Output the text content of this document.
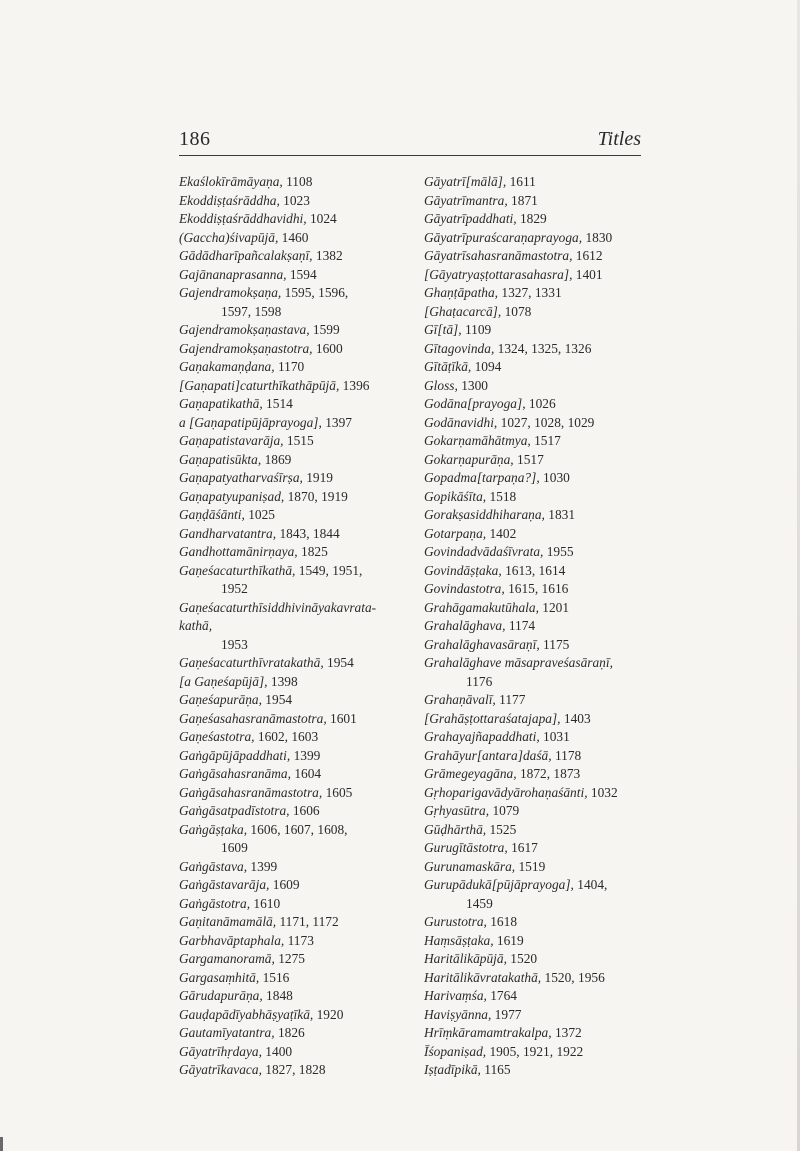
186	Titles
Ekaślokīrāmāyaṇa, 1108
Ekoddiṣṭaśrāddha, 1023
Ekoddiṣṭaśrāddhavidhi, 1024
(Gaccha)śivapūjā, 1460
Gādādharīpañcalakṣaṇī, 1382
Gajānanaprasanna, 1594
Gajendramokṣaṇa, 1595, 1596,
1597, 1598
Gajendramokṣaṇastava, 1599
Gajendramokṣaṇastotra, 1600
Gaṇakamaṇḍana, 1170
[Gaṇapati]caturthīkathāpūjā, 1396
Gaṇapatikathā, 1514
a [Gaṇapatipūjāprayoga], 1397
Gaṇapatistavarāja, 1515
Gaṇapatisūkta, 1869
Gaṇapatyatharvaśīrṣa, 1919
Gaṇapatyupaniṣad, 1870, 1919
Gaṇḍāśānti, 1025
Gandharvatantra, 1843, 1844
Gandhottamānirṇaya, 1825
Gaṇeśacaturthīkathā, 1549, 1951,
1952
Gaṇeśacaturthīsiddhivināyakavrata-
kathā,
1953
Gaṇeśacaturthīvratakathā, 1954
[a Gaṇeśapūjā], 1398
Gaṇeśapurāṇa, 1954
Gaṇeśasahasranāmastotra, 1601
Gaṇeśastotra, 1602, 1603
Gaṅgāpūjāpaddhati, 1399
Gaṅgāsahasranāma, 1604
Gaṅgāsahasranāmastotra, 1605
Gaṅgāsatpadīstotra, 1606
Gaṅgāṣṭaka, 1606, 1607, 1608,
1609
Gaṅgāstava, 1399
Gaṅgāstavarāja, 1609
Gaṅgāstotra, 1610
Gaṇitanāmamālā, 1171, 1172
Garbhavāptaphala, 1173
Gargamanoramā, 1275
Gargasaṃhitā, 1516
Gārudapurāṇa, 1848
Gauḍapādīyabhāṣyaṭīkā, 1920
Gautamīyatantra, 1826
Gāyatrīhṛdaya, 1400
Gāyatrīkavaca, 1827, 1828
Gāyatrī[mālā], 1611
Gāyatrīmantra, 1871
Gāyatrīpaddhati, 1829
Gāyatrīpuraścaraṇaprayoga, 1830
Gāyatrīsahasranāmastotra, 1612
[Gāyatryaṣṭottarasahasra], 1401
Ghaṇṭāpatha, 1327, 1331
[Ghaṭacarcā], 1078
Gī[tā], 1109
Gītagovinda, 1324, 1325, 1326
Gītāṭīkā, 1094
Gloss, 1300
Godāna[prayoga], 1026
Godānavidhi, 1027, 1028, 1029
Gokarṇamāhātmya, 1517
Gokarṇapurāṇa, 1517
Gopadma[tarpaṇa?], 1030
Gopikāśīta, 1518
Gorakṣasiddhiharaṇa, 1831
Gotarpaṇa, 1402
Govindadvādaśīvrata, 1955
Govindāṣṭaka, 1613, 1614
Govindastotra, 1615, 1616
Grahāgamakutūhala, 1201
Grahalāghava, 1174
Grahalāghavasāraṇī, 1175
Grahalāghave māsapraveśasāraṇī,
1176
Grahaṇāvalī, 1177
[Grahāṣṭottaraśatajapa], 1403
Grahayajñapaddhati, 1031
Grahāyur[antara]daśā, 1178
Grāmegeyagāna, 1872, 1873
Gṛhoparigavādyārohaṇaśānti, 1032
Gṛhyasūtra, 1079
Gūḍhārthā, 1525
Gurugītāstotra, 1617
Gurunamaskāra, 1519
Gurupādukā[pūjāprayoga], 1404,
1459
Gurustotra, 1618
Haṃsāṣṭaka, 1619
Haritālikāpūjā, 1520
Haritālikāvratakathā, 1520, 1956
Harivaṃśa, 1764
Haviṣyānna, 1977
Hrīṃkāramamtrakalpa, 1372
Īśopaniṣad, 1905, 1921, 1922
Iṣṭadīpikā, 1165
